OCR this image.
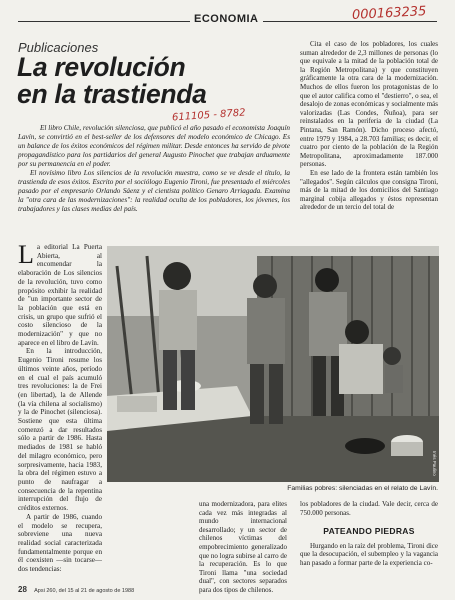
ECONOMIA	000163235
Publicaciones
La revolución
en la trastienda
611105 - 8782

El libro Chile, revolución silenciosa, que publicó el año pasado el economista Joaquín Lavín, se convirtió en el best-seller de los defensores del modelo económico de Chicago. Es un balance de los éxitos económicos del régimen militar. Desde entonces ha servido de pivote propagandístico para los partidarios del general Augusto Pinochet que trabajan arduamente por su permanencia en el poder.

El novísimo libro Los silencios de la revolución muestra, como se ve desde el título, la trastienda de esos éxitos. Escrito por el sociólogo Eugenio Tironi, fue presentado el miércoles pasado por el empresario Orlando Sáenz y el cientista político Genaro Arriagada. Examina la "otra cara de las modernizaciones": la realidad oculta de los pobladores, los jóvenes, los trabajadores y las clases medias del país.

Cita el caso de los pobladores, los cuales suman alrededor de 2,3 millones de personas (lo que equivale a la mitad de la población total de la Región Metropolitana) y que constituyen gráficamente la otra cara de la modernización. Muchos de ellos fueron los protagonistas de lo que el autor califica como el "destierro", o sea, el desalojo de zonas económicas y socialmente más valorizadas (Las Condes, Ñuñoa), para ser reinstalados en la periferia de la ciudad (La Pintana, San Ramón). Dicho proceso afectó, entre 1979 y 1984, a 28.703 familias; es decir, el cuatro por ciento de la población de la Región Metropolitana, aproximadamente 187.000 personas.

En ese lado de la frontera están también los "allegados". Según cálculos que consigna Tironi, más de la mitad de los domicilios del Santiago marginal cobija allegados y éstos representan alrededor de un tercio del total de

La editorial La Puerta Abierta, al encomendar la elaboración de Los silencios de la revolución, tuvo como propósito exhibir la realidad de "un importante sector de la población que está en crisis, un grupo que sufrió el costo silencioso de la modernización" y que no aparece en el libro de Lavín.

En la introducción, Eugenio Tironi resume los últimos veinte años, período en el cual el país acumuló tres revoluciones: la de Frei (en libertad), la de Allende (la vía chilena al socialismo) y la de Pinochet (silenciosa). Sostiene que esta última comenzó a dar resultados sólo a partir de 1986. Hasta mediados de 1981 se habló del milagro económico, pero sorpresivamente, hacia 1983, la obra del régimen estuvo a punto de naufragar a consecuencia de la repentina interrupción del flujo de créditos externos.

A partir de 1986, cuando el modelo se recupera, sobreviene una nueva realidad social caracterizada fundamentalmente porque en él coexisten —sin tocarse— dos tendencias:

Inés Paulino
Familias pobres: silenciadas en el relato de Lavín.

una modernizadora, para elites cada vez más integradas al mundo internacional desarrollado; y un sector de chilenos víctimas del empobrecimiento generalizado que no logra subirse al carro de la recuperación. Es lo que Tironi llama "una sociedad dual", con sectores separados para dos tipos de chilenos.

los pobladores de la ciudad. Vale decir, cerca de 750.000 personas.

PATEANDO PIEDRAS

Hurgando en la raíz del problema, Tironi dice que la desocupación, el subempleo y la vagancia han pasado a formar parte de la experiencia co-

28 Apsi 260, del 15 al 21 de agosto de 1988
